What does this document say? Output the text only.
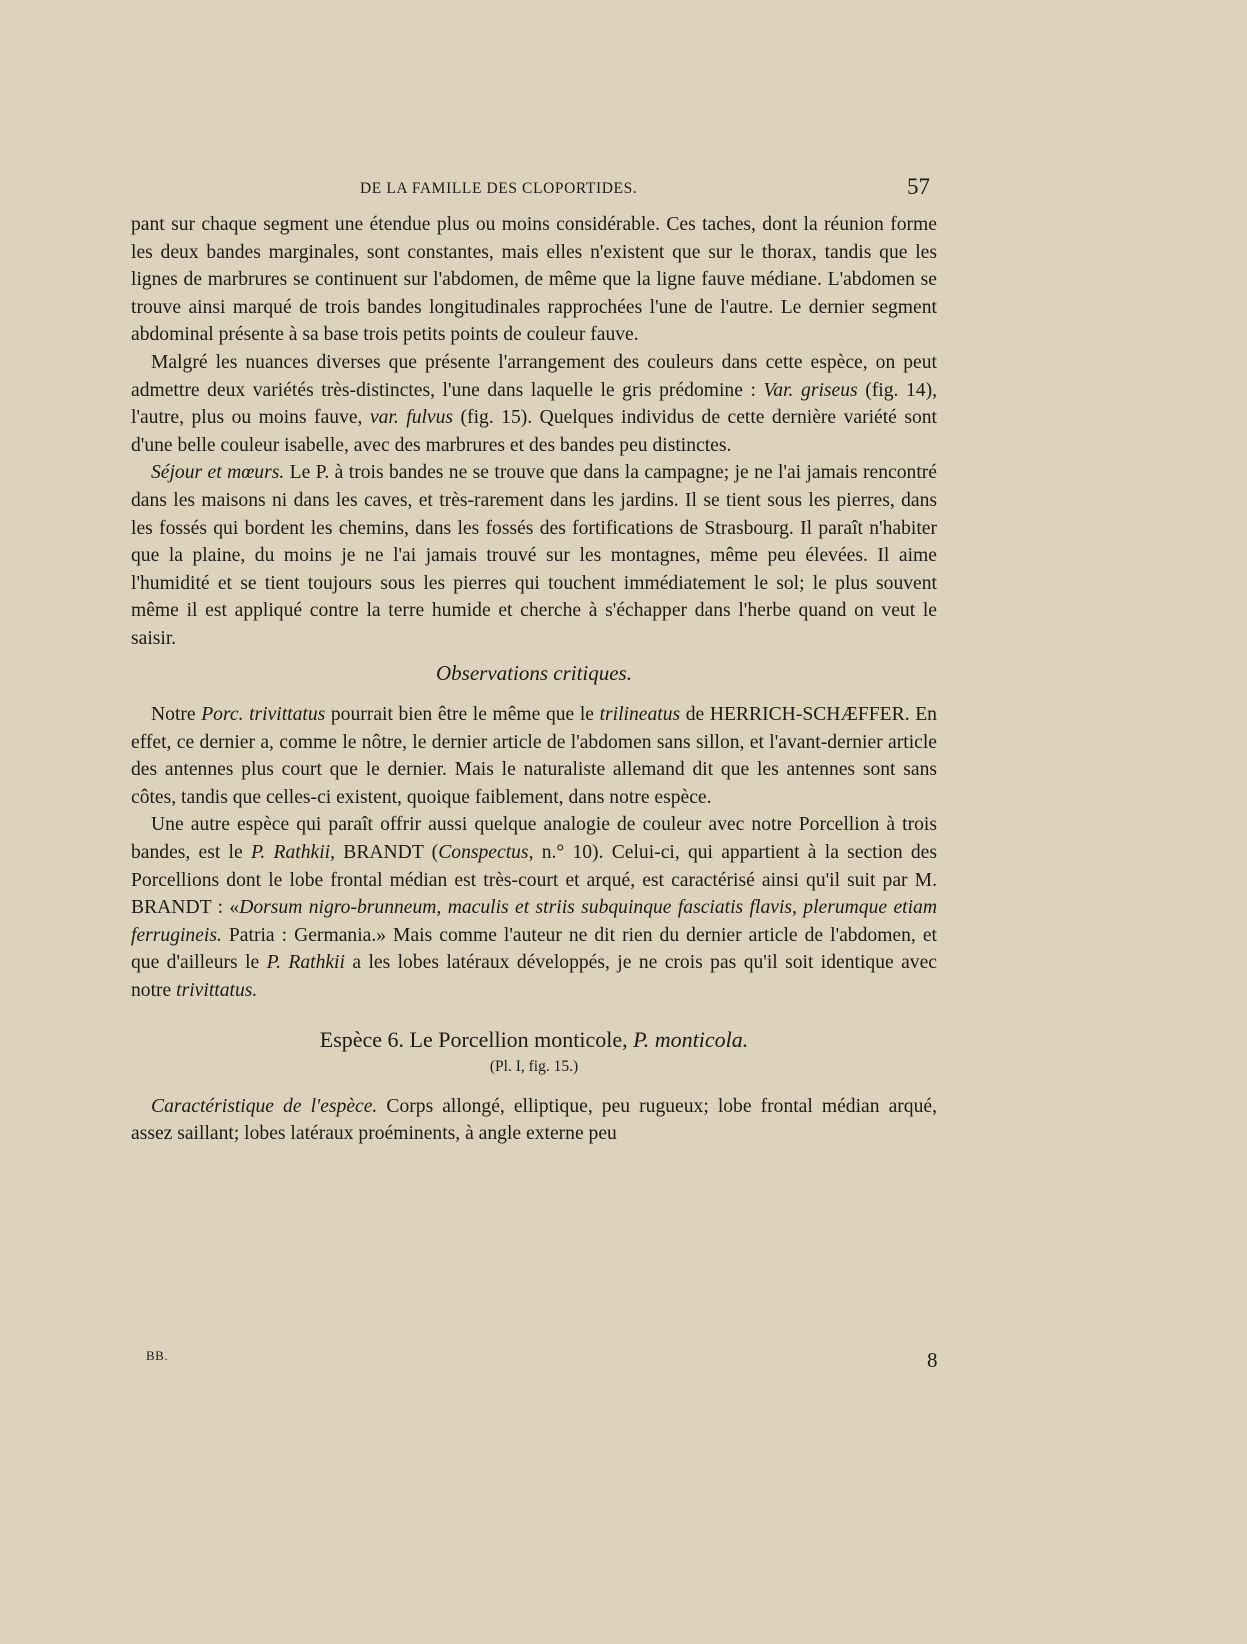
DE LA FAMILLE DES CLOPORTIDES.	57

pant sur chaque segment une étendue plus ou moins considérable. Ces taches, dont la réunion forme les deux bandes marginales, sont constantes, mais elles n'existent que sur le thorax, tandis que les lignes de marbrures se continuent sur l'abdomen, de même que la ligne fauve médiane. L'abdomen se trouve ainsi marqué de trois bandes longitudinales rapprochées l'une de l'autre. Le dernier segment abdominal présente à sa base trois petits points de couleur fauve.

Malgré les nuances diverses que présente l'arrangement des couleurs dans cette espèce, on peut admettre deux variétés très-distinctes, l'une dans laquelle le gris prédomine : Var. griseus (fig. 14), l'autre, plus ou moins fauve, var. fulvus (fig. 15). Quelques individus de cette dernière variété sont d'une belle couleur isabelle, avec des marbrures et des bandes peu distinctes.

Séjour et mœurs. Le P. à trois bandes ne se trouve que dans la campagne; je ne l'ai jamais rencontré dans les maisons ni dans les caves, et très-rarement dans les jardins. Il se tient sous les pierres, dans les fossés qui bordent les chemins, dans les fossés des fortifications de Strasbourg. Il paraît n'habiter que la plaine, du moins je ne l'ai jamais trouvé sur les montagnes, même peu élevées. Il aime l'humidité et se tient toujours sous les pierres qui touchent immédiatement le sol; le plus souvent même il est appliqué contre la terre humide et cherche à s'échapper dans l'herbe quand on veut le saisir.

Observations critiques.

Notre Porc. trivittatus pourrait bien être le même que le trilineatus de HERRICH-SCHÆFFER. En effet, ce dernier a, comme le nôtre, le dernier article de l'abdomen sans sillon, et l'avant-dernier article des antennes plus court que le dernier. Mais le naturaliste allemand dit que les antennes sont sans côtes, tandis que celles-ci existent, quoique faiblement, dans notre espèce.

Une autre espèce qui paraît offrir aussi quelque analogie de couleur avec notre Porcellion à trois bandes, est le P. Rathkii, BRANDT (Conspectus, n.° 10). Celui-ci, qui appartient à la section des Porcellions dont le lobe frontal médian est très-court et arqué, est caractérisé ainsi qu'il suit par M. BRANDT : «Dorsum nigro-brunneum, maculis et striis subquinque fasciatis flavis, plerumque etiam ferrugineis. Patria : Germania.» Mais comme l'auteur ne dit rien du dernier article de l'abdomen, et que d'ailleurs le P. Rathkii a les lobes latéraux développés, je ne crois pas qu'il soit identique avec notre trivittatus.

Espèce 6. Le Porcellion monticole, P. monticola.
(Pl. I, fig. 15.)

Caractéristique de l'espèce. Corps allongé, elliptique, peu rugueux; lobe frontal médian arqué, assez saillant; lobes latéraux proéminents, à angle externe peu

BB.	8
